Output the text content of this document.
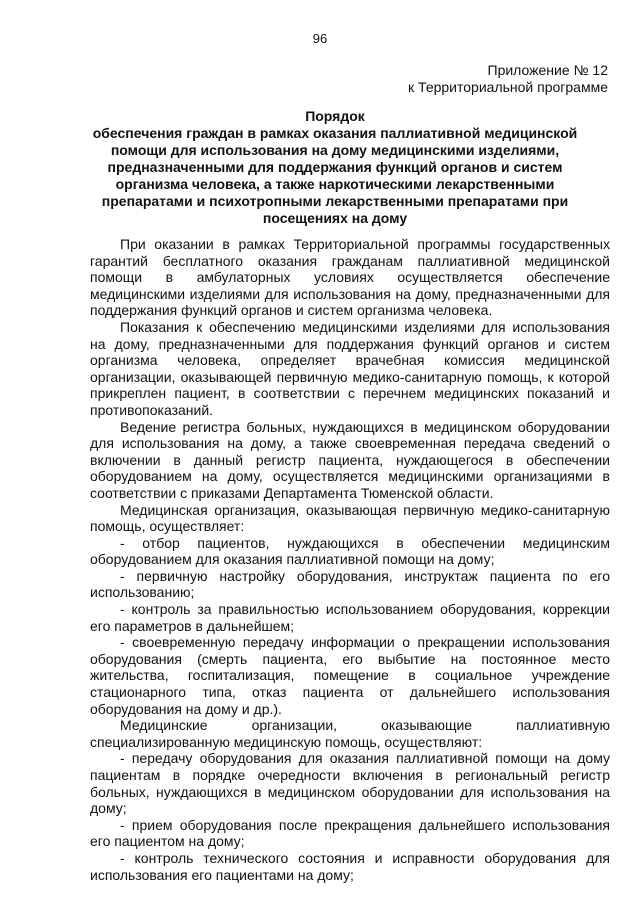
96
Приложение № 12
к Территориальной программе
Порядок
обеспечения граждан в рамках оказания паллиативной медицинской
помощи для использования на дому медицинскими изделиями,
предназначенными для поддержания функций органов и систем
организма человека, а также наркотическими лекарственными
препаратами и психотропными лекарственными препаратами при
посещениях на дому

При оказании в рамках Территориальной программы государственных гарантий бесплатного оказания гражданам паллиативной медицинской помощи в амбулаторных условиях осуществляется обеспечение медицинскими изделиями для использования на дому, предназначенными для поддержания функций органов и систем организма человека.

Показания к обеспечению медицинскими изделиями для использования на дому, предназначенными для поддержания функций органов и систем организма человека, определяет врачебная комиссия медицинской организации, оказывающей первичную медико-санитарную помощь, к которой прикреплен пациент, в соответствии с перечнем медицинских показаний и противопоказаний.

Ведение регистра больных, нуждающихся в медицинском оборудовании для использования на дому, а также своевременная передача сведений о включении в данный регистр пациента, нуждающегося в обеспечении оборудованием на дому, осуществляется медицинскими организациями в соответствии с приказами Департамента Тюменской области.

Медицинская организация, оказывающая первичную медико-санитарную помощь, осуществляет:

- отбор пациентов, нуждающихся в обеспечении медицинским оборудованием для оказания паллиативной помощи на дому;

- первичную настройку оборудования, инструктаж пациента по его использованию;

- контроль за правильностью использованием оборудования, коррекции его параметров в дальнейшем;

- своевременную передачу информации о прекращении использования оборудования (смерть пациента, его выбытие на постоянное место жительства, госпитализация, помещение в социальное учреждение стационарного типа, отказ пациента от дальнейшего использования оборудования на дому и др.).

Медицинские организации, оказывающие паллиативную специализированную медицинскую помощь, осуществляют:

- передачу оборудования для оказания паллиативной помощи на дому пациентам в порядке очередности включения в региональный регистр больных, нуждающихся в медицинском оборудовании для использования на дому;

- прием оборудования после прекращения дальнейшего использования его пациентом на дому;

- контроль технического состояния и исправности оборудования для использования его пациентами на дому;
